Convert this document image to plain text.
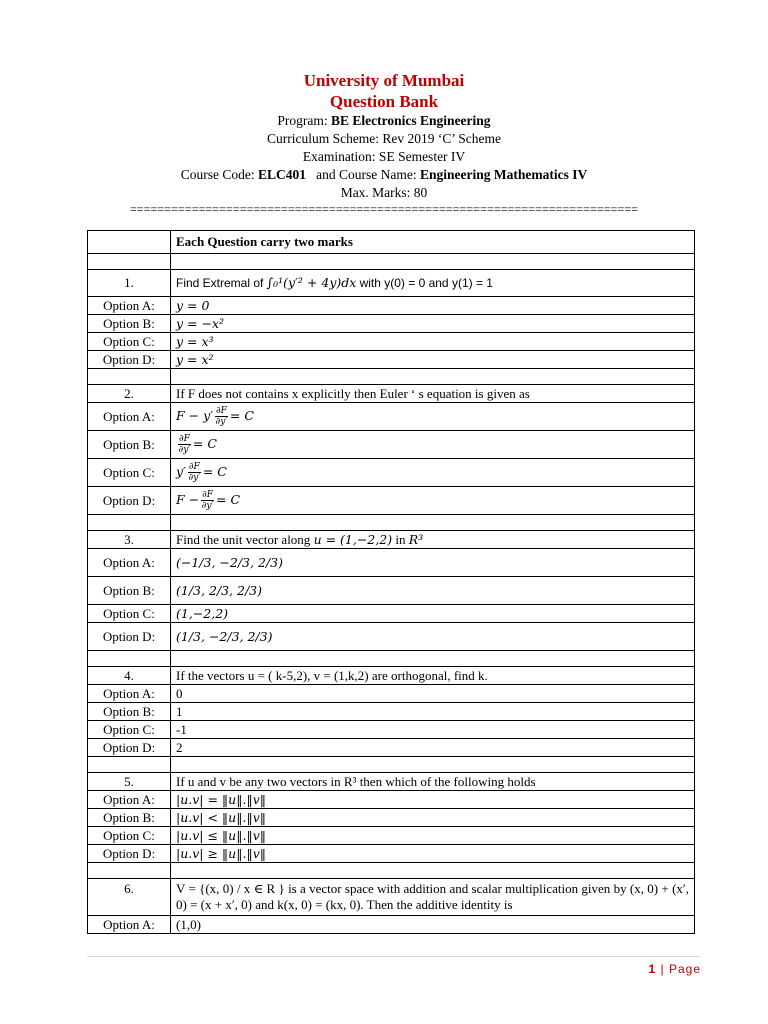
University of Mumbai
Question Bank
Program: BE Electronics Engineering
Curriculum Scheme: Rev 2019 ‘C’ Scheme
Examination: SE Semester IV
Course Code: ELC401 and Course Name: Engineering Mathematics IV
Max. Marks: 80
==========================================================================
	Each Question carry two marks

1.	Find Extremal of ∫₀¹(y′² + 4y)dx with y(0) = 0 and y(1) = 1
Option A:	y = 0
Option B:	y = −x²
Option C:	y = x³
Option D:	y = x²

2.	If F does not contains x explicitly then Euler ‘ s equation is given as
Option A:	$F - y' \frac{\partial F}{\partial y'} = C$
Option B:	$\frac{\partial F}{\partial y'} = C$
Option C:	$y' \frac{\partial F}{\partial y'} = C$
Option D:	$F - \frac{\partial F}{\partial y'} = C$

3.	Find the unit vector along u = (1,−2,2) in R³
Option A:	(−1/3, −2/3, 2/3)
Option B:	(1/3, 2/3, 2/3)
Option C:	(1,−2,2)
Option D:	(1/3, −2/3, 2/3)

4.	If the vectors u = ( k-5,2), v = (1,k,2) are orthogonal, find k.
Option A:	0
Option B:	1
Option C:	-1
Option D:	2

5.	If u and v be any two vectors in R³ then which of the following holds
Option A:	|u.v| = ‖u‖.‖v‖
Option B:	|u.v| < ‖u‖.‖v‖
Option C:	|u.v| ≤ ‖u‖.‖v‖
Option D:	|u.v| ≥ ‖u‖.‖v‖

6.	V = {(x, 0) / x ∈ R } is a vector space with addition and scalar multiplication given by (x, 0) + (x′, 0) = (x + x′, 0) and k(x, 0) = (kx, 0). Then the additive identity is
Option A:	(1,0)
1 | Page
